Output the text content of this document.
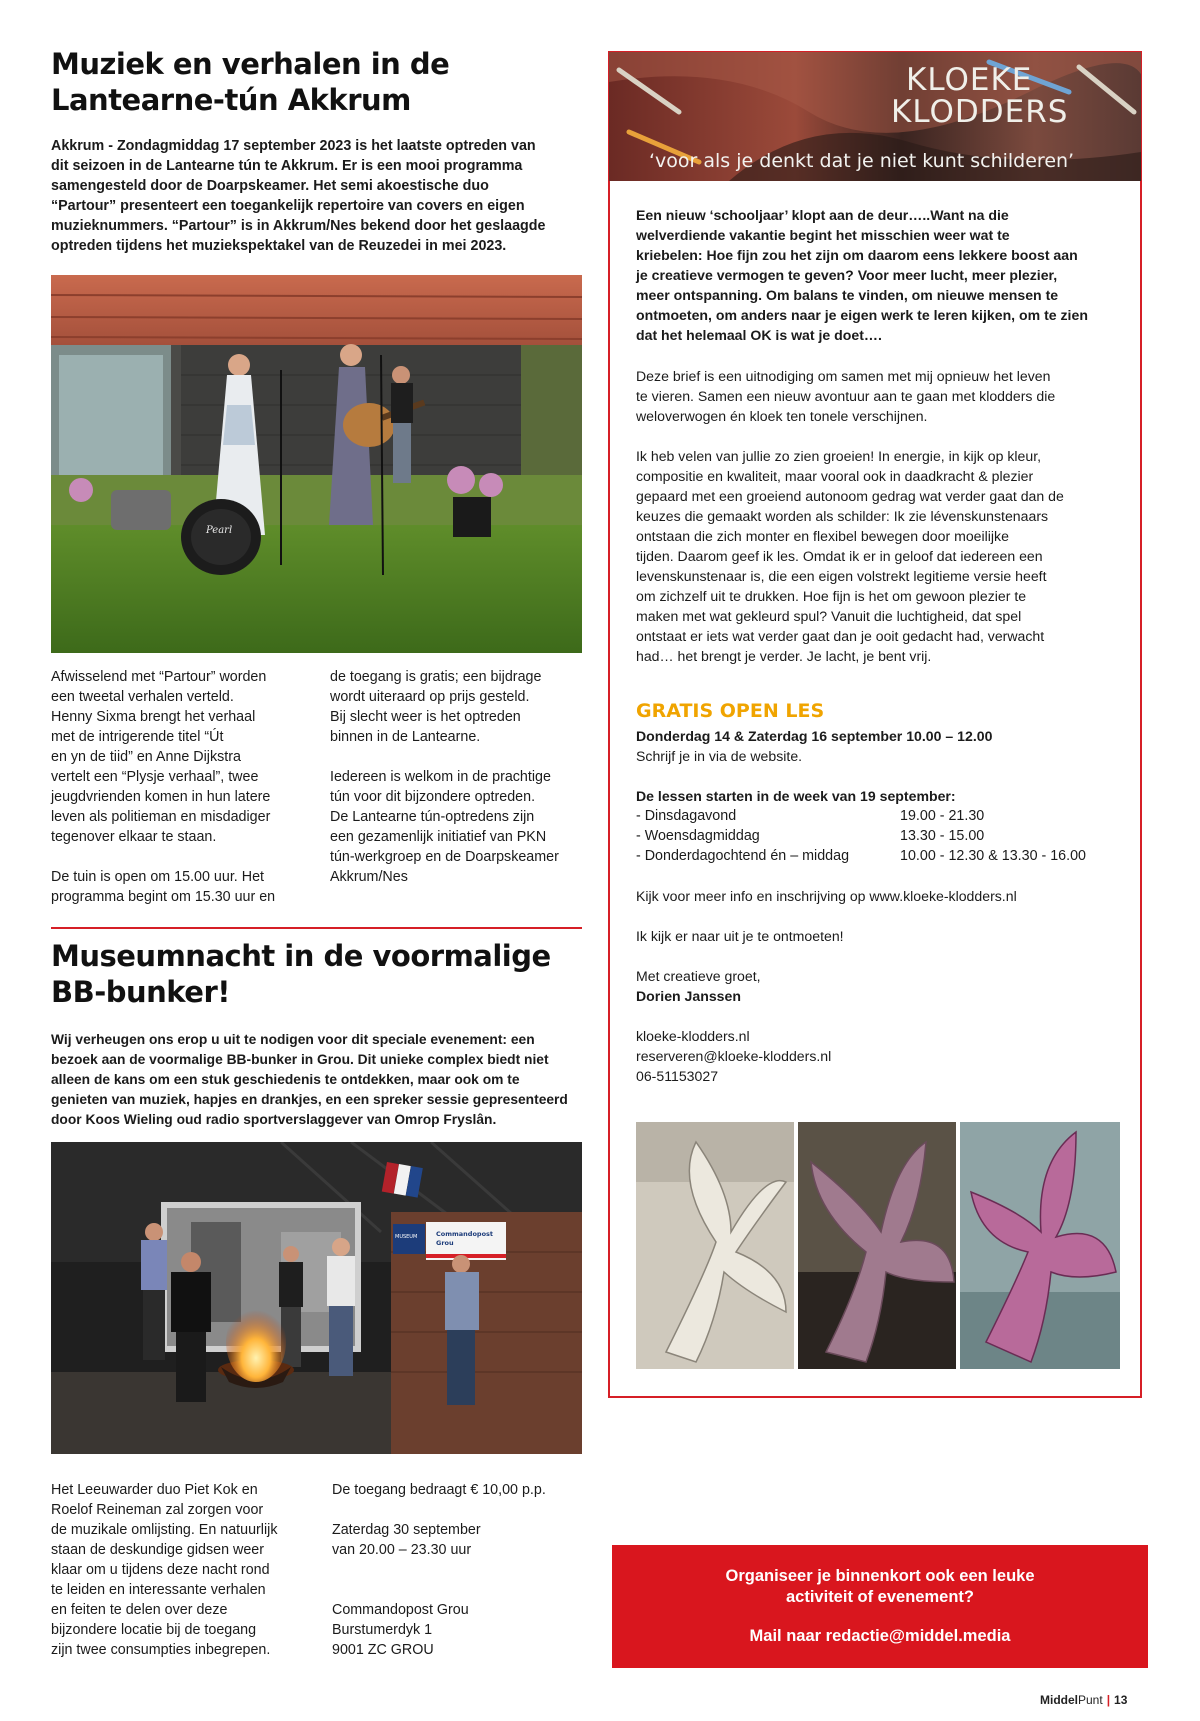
Muziek en verhalen in de
Lantearne-tún Akkrum

Akkrum - Zondagmiddag 17 september 2023 is het laatste optreden van

dit seizoen in de Lantearne tún te Akkrum. Er is een mooi programma

samengesteld door de Doarpskeamer. Het semi akoestische duo

“Partour” presenteert een toegankelijk repertoire van covers en eigen

muzieknummers. “Partour” is in Akkrum/Nes bekend door het geslaagde

optreden tijdens het muziekspektakel van de Reuzedei in mei 2023.

Pearl

Afwisselend met “Partour” worden

een tweetal verhalen verteld.

Henny Sixma brengt het verhaal

met de intrigerende titel “Út

en yn de tiid” en Anne Dijkstra

vertelt een “Plysje verhaal”, twee

jeugdvrienden komen in hun latere

leven als politieman en misdadiger

tegenover elkaar te staan.

De tuin is open om 15.00 uur. Het

programma begint om 15.30 uur en

de toegang is gratis; een bijdrage

wordt uiteraard op prijs gesteld.

Bij slecht weer is het optreden

binnen in de Lantearne.

Iedereen is welkom in de prachtige

tún voor dit bijzondere optreden.

De Lantearne tún-optredens zijn

een gezamenlijk initiatief van PKN

tún-werkgroep en de Doarpskeamer

Akkrum/Nes

Museumnacht in de voormalige
BB-bunker!

Wij verheugen ons erop u uit te nodigen voor dit speciale evenement: een

bezoek aan de voormalige BB-bunker in Grou. Dit unieke complex biedt niet

alleen de kans om een stuk geschiedenis te ontdekken, maar ook om te

genieten van muziek, hapjes en drankjes, en een spreker sessie gepresenteerd

door Koos Wieling oud radio sportverslaggever van Omrop Fryslân.

MUSEUM	Commandopost
Grou

Het Leeuwarder duo Piet Kok en

Roelof Reineman zal zorgen voor

de muzikale omlijsting. En natuurlijk

staan de deskundige gidsen weer

klaar om u tijdens deze nacht rond

te leiden en interessante verhalen

en feiten te delen over deze

bijzondere locatie bij de toegang

zijn twee consumpties inbegrepen.

De toegang bedraagt € 10,00 p.p.

Zaterdag 30 september

van 20.00 – 23.30 uur

Commandopost Grou

Burstumerdyk 1

9001 ZC GROU

KLOEKE
KLODDERS
‘voor als je denkt dat je niet kunt schilderen’

Een nieuw ‘schooljaar’ klopt aan de deur…..Want na die

welverdiende vakantie begint het misschien weer wat te

kriebelen: Hoe fijn zou het zijn om daarom eens lekkere boost aan

je creatieve vermogen te geven? Voor meer lucht, meer plezier,

meer ontspanning. Om balans te vinden, om nieuwe mensen te

ontmoeten, om anders naar je eigen werk te leren kijken, om te zien

dat het helemaal OK is wat je doet….

Deze brief is een uitnodiging om samen met mij opnieuw het leven

te vieren. Samen een nieuw avontuur aan te gaan met klodders die

weloverwogen én kloek ten tonele verschijnen.

Ik heb velen van jullie zo zien groeien! In energie, in kijk op kleur,

compositie en kwaliteit, maar vooral ook in daadkracht & plezier

gepaard met een groeiend autonoom gedrag wat verder gaat dan de

keuzes die gemaakt worden als schilder: Ik zie lévenskunstenaars

ontstaan die zich monter en flexibel bewegen door moeilijke

tijden. Daarom geef ik les. Omdat ik er in geloof dat iedereen een

levenskunstenaar is, die een eigen volstrekt legitieme versie heeft

om zichzelf uit te drukken. Hoe fijn is het om gewoon plezier te

maken met wat gekleurd spul? Vanuit die luchtigheid, dat spel

ontstaat er iets wat verder gaat dan je ooit gedacht had, verwacht

had… het brengt je verder. Je lacht, je bent vrij.

GRATIS OPEN LES

Donderdag 14 & Zaterdag 16 september 10.00 – 12.00

Schrijf je in via de website.

De lessen starten in de week van 19 september:

- Dinsdagavond	19.00 - 21.30
- Woensdagmiddag	13.30 - 15.00
- Donderdagochtend én – middag	10.00 - 12.30 & 13.30 - 16.00

Kijk voor meer info en inschrijving op www.kloeke-klodders.nl

Ik kijk er naar uit je te ontmoeten!

Met creatieve groet,

Dorien Janssen

kloeke-klodders.nl

reserveren@kloeke-klodders.nl

06-51153027

Organiseer je binnenkort ook een leuke
activiteit of evenement?
Mail naar redactie@middel.media
MiddelPunt | 13
